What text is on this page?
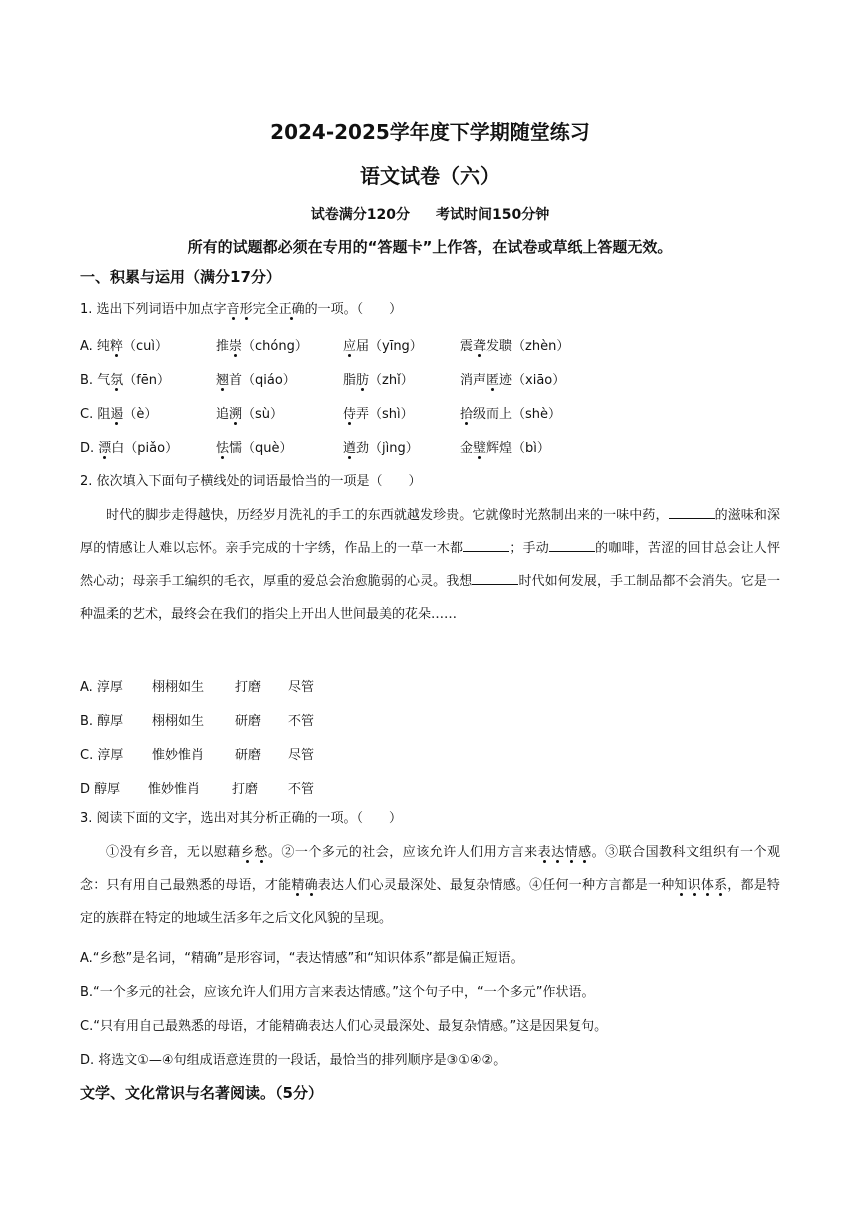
2024-2025学年度下学期随堂练习
语文试卷（六）
试卷满分120分 考试时间150分钟
所有的试题都必须在专用的“答题卡”上作答，在试卷或草纸上答题无效。
一、积累与运用（满分17分）
1. 选出下列词语中加点字音形完全正确的一项。（　　）
A. 纯粹（cuì）	推崇（chóng）	应届（yīng）	震聋发聩（zhèn）
B. 气氛（fēn）	翘首（qiáo）	脂肪（zhǐ）	消声匿迹（xiāo）
C. 阻遏（è）	追溯（sù）	侍弄（shì）	拾级而上（shè）
D. 漂白（piǎo）	怯懦（què）	遒劲（jìng）	金璧辉煌（bì）
2. 依次填入下面句子横线处的词语最恰当的一项是（　　）
时代的脚步走得越快，历经岁月洗礼的手工的东西就越发珍贵。它就像时光熬制出来的一味中药，	的滋味和深厚的情感让人难以忘怀。亲手完成的十字绣，作品上的一草一木都	；手动	的咖啡，苦涩的回甘总会让人怦然心动；母亲手工编织的毛衣，厚重的爱总会治愈脆弱的心灵。我想	时代如何发展，手工制品都不会消失。它是一种温柔的艺术，最终会在我们的指尖上开出人世间最美的花朵……
A. 淳厚 栩栩如生 打磨 尽管
B. 醇厚 栩栩如生 研磨 不管
C. 淳厚 惟妙惟肖 研磨 尽管
D 醇厚 惟妙惟肖 打磨 不管
3. 阅读下面的文字，选出对其分析正确的一项。（　　）
①没有乡音，无以慰藉乡愁。②一个多元的社会，应该允许人们用方言来表达情感。③联合国教科文组织有一个观念：只有用自己最熟悉的母语，才能精确表达人们心灵最深处、最复杂情感。④任何一种方言都是一种知识体系，都是特定的族群在特定的地域生活多年之后文化风貌的呈现。
A.“乡愁”是名词，“精确”是形容词，“表达情感”和“知识体系”都是偏正短语。
B.“一个多元的社会，应该允许人们用方言来表达情感。”这个句子中，“一个多元”作状语。
C.“只有用自己最熟悉的母语，才能精确表达人们心灵最深处、最复杂情感。”这是因果复句。
D. 将选文①—④句组成语意连贯的一段话，最恰当的排列顺序是③①④②。
文学、文化常识与名著阅读。（5分）
